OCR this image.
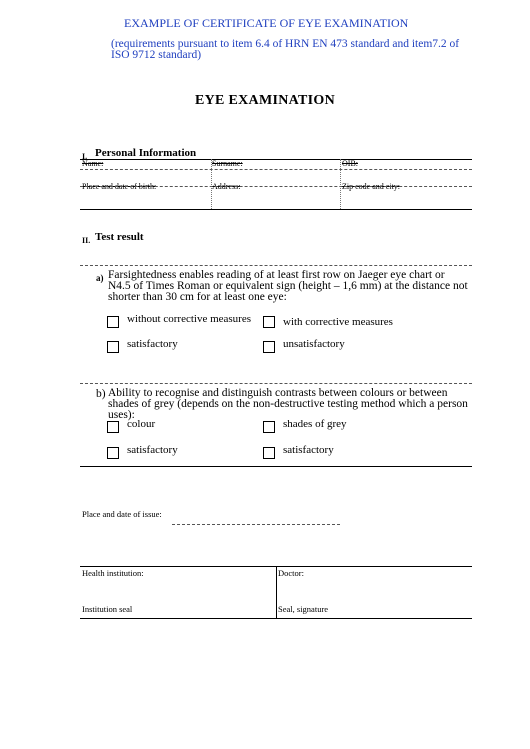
EXAMPLE OF CERTIFICATE OF EYE EXAMINATION
(requirements pursuant to item 6.4 of HRN EN 473 standard and item7.2 of ISO 9712 standard)
EYE EXAMINATION
I. Personal Information
Name:	Surname:	OIB:
Place and date of birth:	Address:	Zip code and city:
II. Test result
a) Farsightedness enables reading of at least first row on Jaeger eye chart or N4.5 of Times Roman or equivalent sign (height – 1,6 mm) at the distance not shorter than 30 cm for at least one eye:
without corrective measures	with corrective measures
satisfactory	unsatisfactory
b) Ability to recognise and distinguish contrasts between colours or between shades of grey (depends on the non-destructive testing method which a person uses):
colour	shades of grey
satisfactory	satisfactory
Place and date of issue:
Health institution:	Doctor:
Institution seal	Seal, signature
